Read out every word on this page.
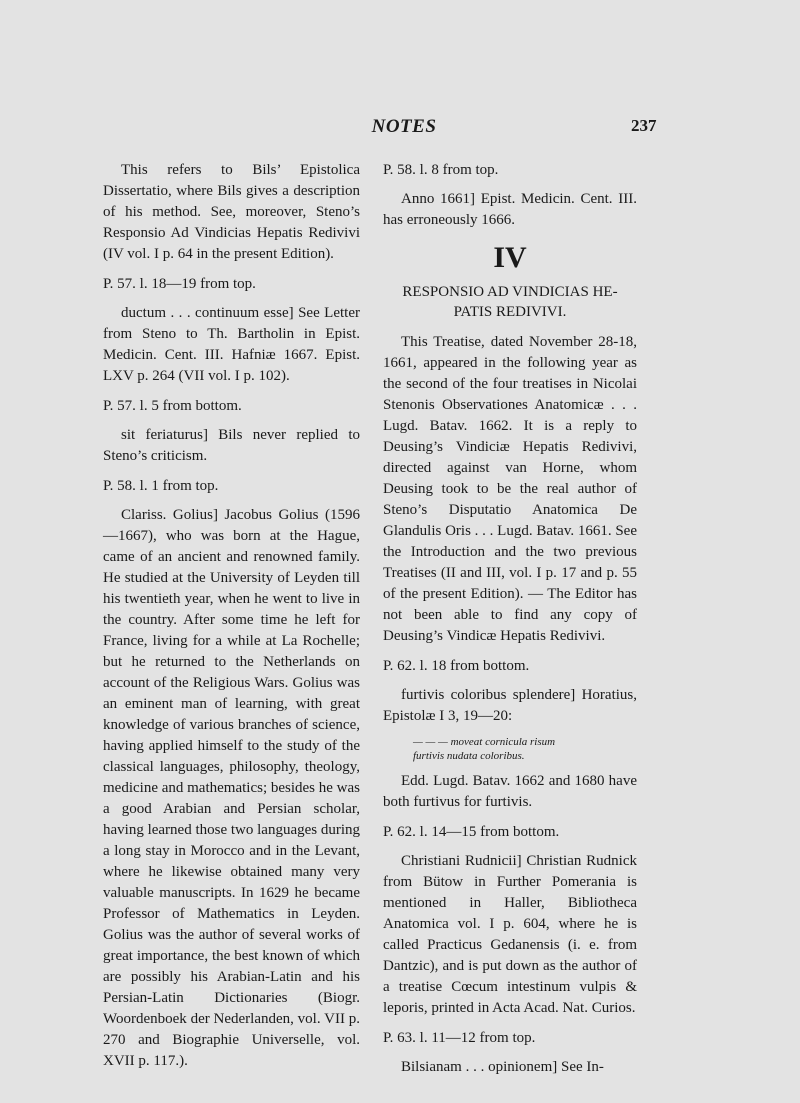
NOTES	237

This refers to Bils’ Epistolica Dissertatio, where Bils gives a description of his method. See, moreover, Steno’s Responsio Ad Vindicias Hepatis Redivivi (IV vol. I p. 64 in the present Edition).

P. 57. l. 18—19 from top.

ductum . . . continuum esse] See Letter from Steno to Th. Bartholin in Epist. Medicin. Cent. III. Hafniæ 1667. Epist. LXV p. 264 (VII vol. I p. 102).

P. 57. l. 5 from bottom.

sit feriaturus] Bils never replied to Steno’s criticism.

P. 58. l. 1 from top.

Clariss. Golius] Jacobus Golius (1596—1667), who was born at the Hague, came of an ancient and renowned family. He studied at the University of Leyden till his twentieth year, when he went to live in the country. After some time he left for France, living for a while at La Rochelle; but he returned to the Netherlands on account of the Religious Wars. Golius was an eminent man of learning, with great knowledge of various branches of science, having applied himself to the study of the classical languages, philosophy, theology, medicine and mathematics; besides he was a good Arabian and Persian scholar, having learned those two languages during a long stay in Morocco and in the Levant, where he likewise obtained many very valuable manuscripts. In 1629 he became Professor of Mathematics in Leyden. Golius was the author of several works of great importance, the best known of which are possibly his Arabian-Latin and his Persian-Latin Dictionaries (Biogr. Woordenboek der Nederlanden, vol. VII p. 270 and Biographie Universelle, vol. XVII p. 117.).

P. 58. l. 8 from top.

Anno 1661] Epist. Medicin. Cent. III. has erroneously 1666.

IV
RESPONSIO AD VINDICIAS HE-
PATIS REDIVIVI.

This Treatise, dated November 28-18, 1661, appeared in the following year as the second of the four treatises in Nicolai Stenonis Observationes Anatomicæ . . . Lugd. Batav. 1662. It is a reply to Deusing’s Vindiciæ Hepatis Redivivi, directed against van Horne, whom Deusing took to be the real author of Steno’s Disputatio Anatomica De Glandulis Oris . . . Lugd. Batav. 1661. See the Introduction and the two previous Treatises (II and III, vol. I p. 17 and p. 55 of the present Edition). — The Editor has not been able to find any copy of Deusing’s Vindicæ Hepatis Redivivi.

P. 62. l. 18 from bottom.

furtivis coloribus splendere] Horatius, Epistolæ I 3, 19—20:

— — — moveat cornicula risum
furtivis nudata coloribus.

Edd. Lugd. Batav. 1662 and 1680 have both furtivus for furtivis.

P. 62. l. 14—15 from bottom.

Christiani Rudnicii] Christian Rudnick from Bütow in Further Pomerania is mentioned in Haller, Bibliotheca Anatomica vol. I p. 604, where he is called Practicus Gedanensis (i. e. from Dantzic), and is put down as the author of a treatise Cœcum intestinum vulpis & leporis, printed in Acta Acad. Nat. Curios.

P. 63. l. 11—12 from top.

Bilsianam . . . opinionem] See In-
